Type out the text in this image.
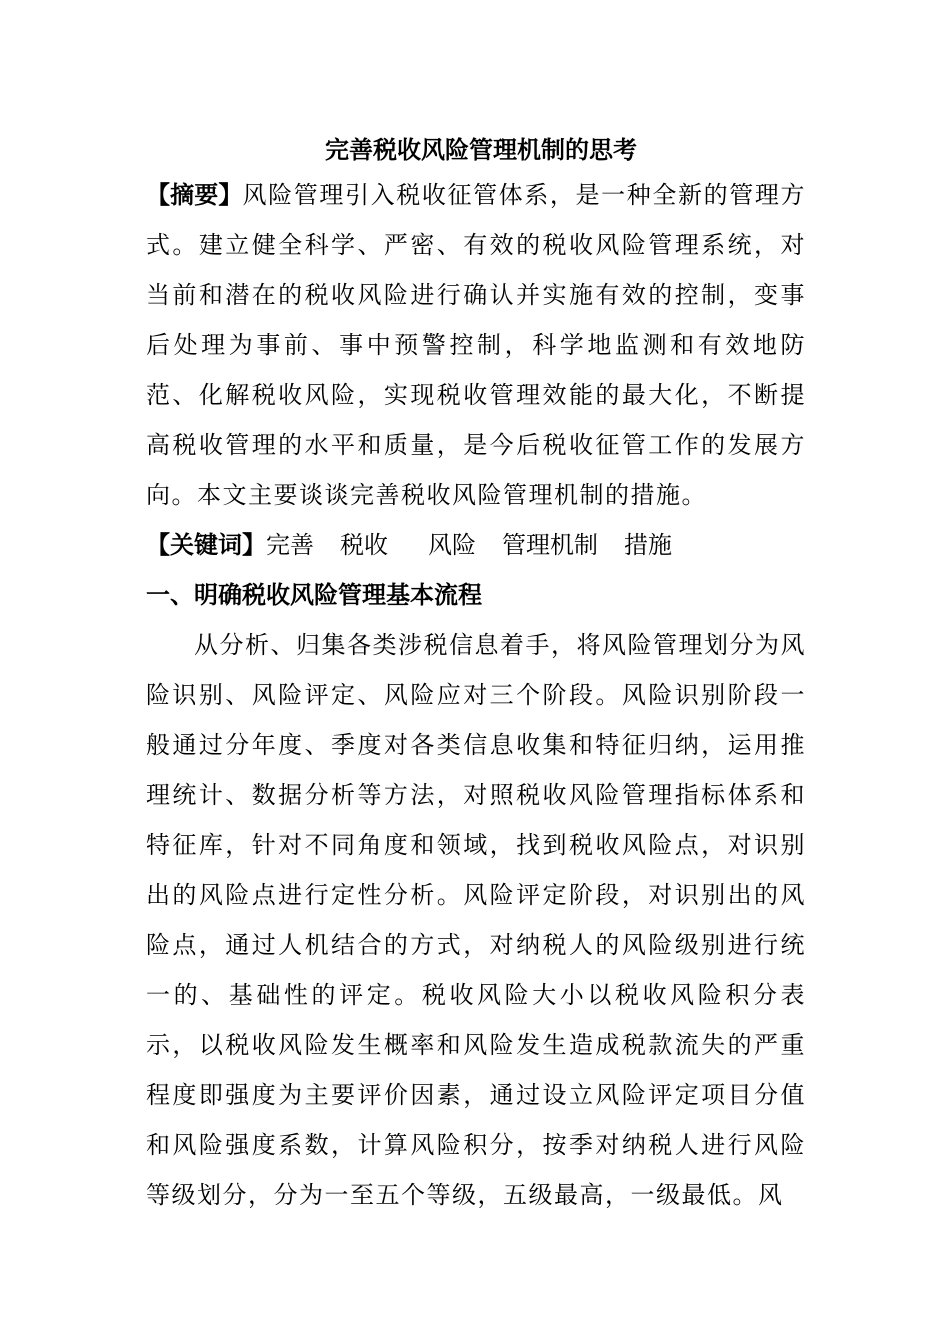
完善税收风险管理机制的思考

【摘要】风险管理引入税收征管体系，是一种全新的管理方式。建立健全科学、严密、有效的税收风险管理系统，对当前和潜在的税收风险进行确认并实施有效的控制，变事后处理为事前、事中预警控制，科学地监测和有效地防范、化解税收风险，实现税收管理效能的最大化，不断提高税收管理的水平和质量，是今后税收征管工作的发展方向。本文主要谈谈完善税收风险管理机制的措施。

【关键词】完善 税收 风险 管理机制 措施

一、明确税收风险管理基本流程

从分析、归集各类涉税信息着手，将风险管理划分为风险识别、风险评定、风险应对三个阶段。风险识别阶段一般通过分年度、季度对各类信息收集和特征归纳，运用推理统计、数据分析等方法，对照税收风险管理指标体系和特征库，针对不同角度和领域，找到税收风险点，对识别出的风险点进行定性分析。风险评定阶段，对识别出的风险点，通过人机结合的方式，对纳税人的风险级别进行统一的、基础性的评定。税收风险大小以税收风险积分表示，以税收风险发生概率和风险发生造成税款流失的严重程度即强度为主要评价因素，通过设立风险评定项目分值和风险强度系数，计算风险积分，按季对纳税人进行风险等级划分，分为一至五个等级，五级最高，一级最低。风
